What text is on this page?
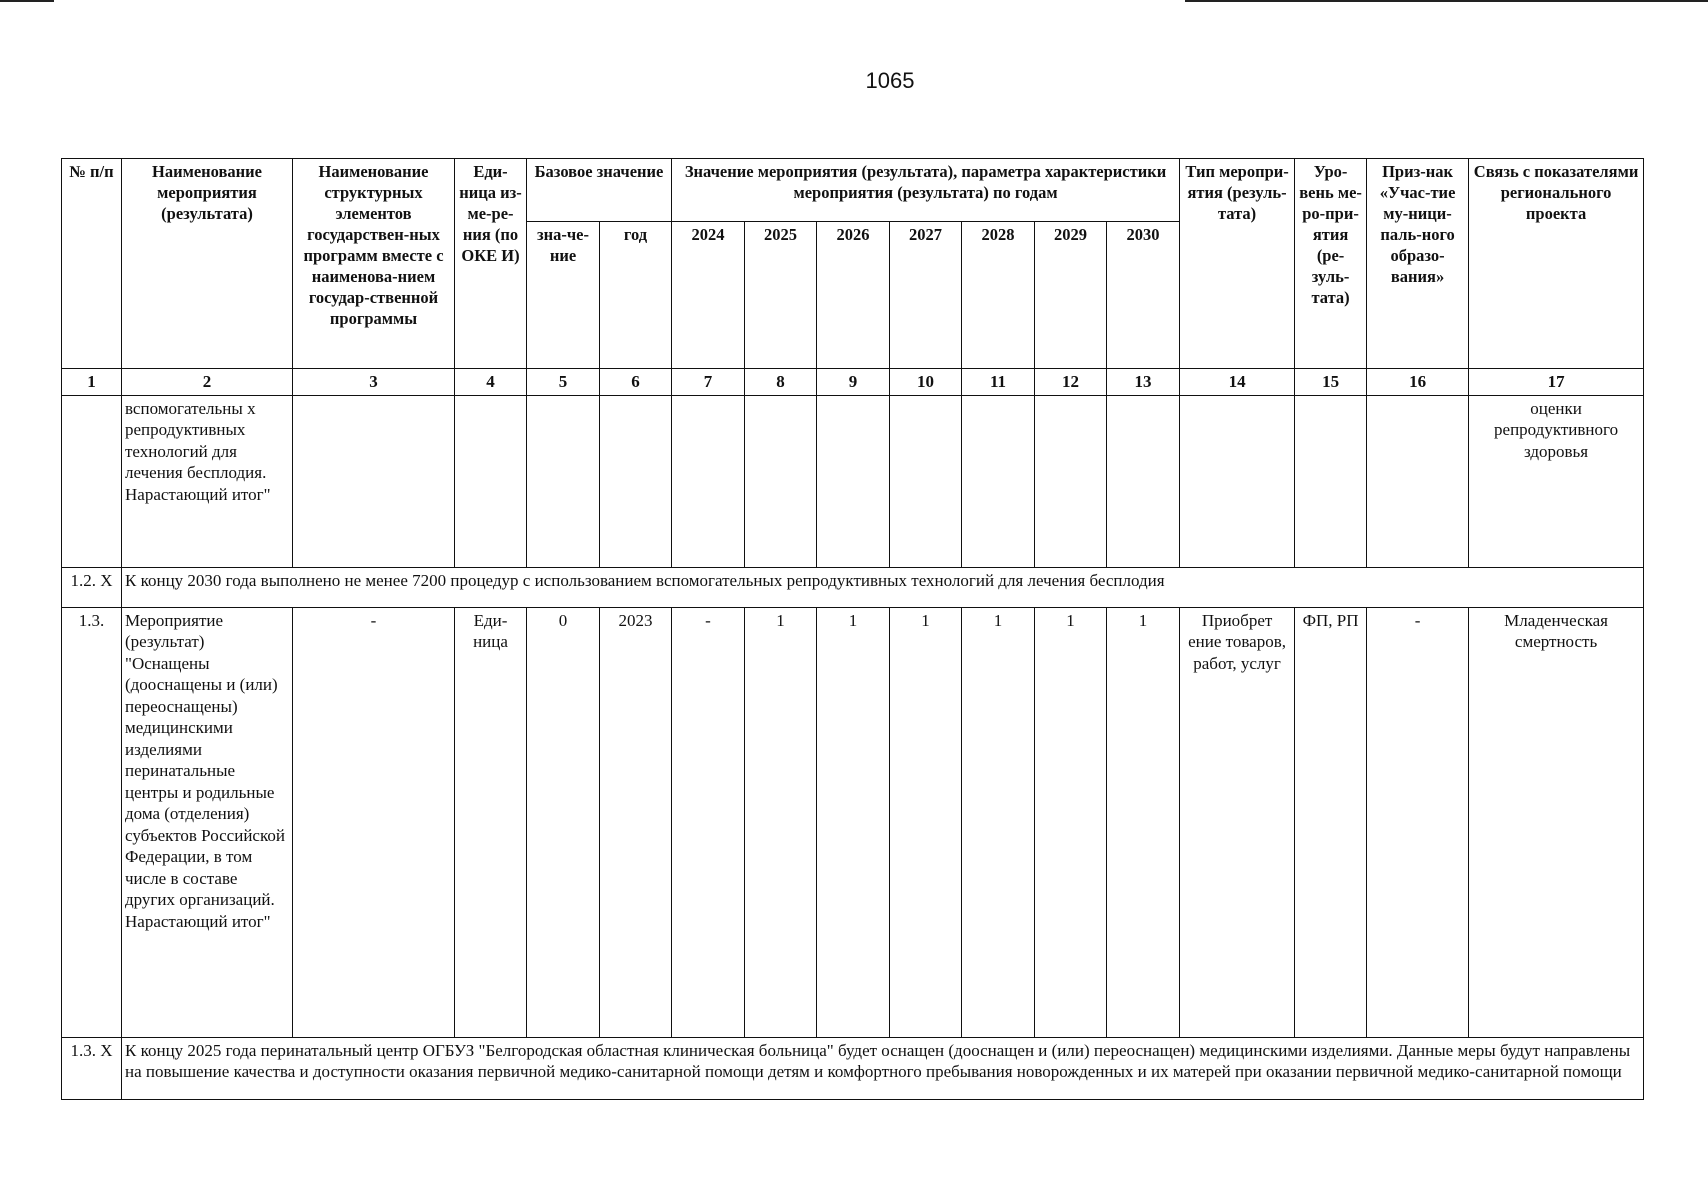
1065
№ п/п	Наименование мероприятия (результата)	Наименование структурных элементов государствен-ных программ вместе с наименова-нием государ-ственной программы	Еди-ница из-ме-ре-ния (по ОКЕ И)	Базовое значение		Значение мероприятия (результата), параметра характеристики мероприятия (результата) по годам							Тип меропри-ятия (резуль-тата)	Уро-вень ме-ро-при-ятия (ре-зуль-тата)	Приз-нак «Учас-тие му-ници-паль-ного образо-вания»	Связь с показателями регионального проекта
				зна-че-ние	год	2024	2025	2026	2027	2028	2029	2030				
1	2	3	4	5	6	7	8	9	10	11	12	13	14	15	16	17
	вспомогательны х репродуктивных технологий для лечения бесплодия. Нарастающий итог"															оценки репродуктивного здоровья
1.2. X	К концу 2030 года выполнено не менее 7200 процедур с использованием вспомогательных репродуктивных технологий для лечения бесплодия															
1.3.	Мероприятие (результат) "Оснащены (дооснащены и (или) переоснащены) медицинскими изделиями перинатальные центры и родильные дома (отделения) субъектов Российской Федерации, в том числе в составе других организаций. Нарастающий итог"	-	Еди-ница	0	2023	-	1	1	1	1	1	1	Приобрет ение товаров, работ, услуг	ФП, РП	-	Младенческая смертность
1.3. X	К концу 2025 года перинатальный центр ОГБУЗ "Белгородская областная клиническая больница" будет оснащен (дооснащен и (или) переоснащен) медицинскими изделиями. Данные меры будут направлены на повышение качества и доступности оказания первичной медико-санитарной помощи детям и комфортного пребывания новорожденных и их матерей при оказании первичной медико-санитарной помощи															
